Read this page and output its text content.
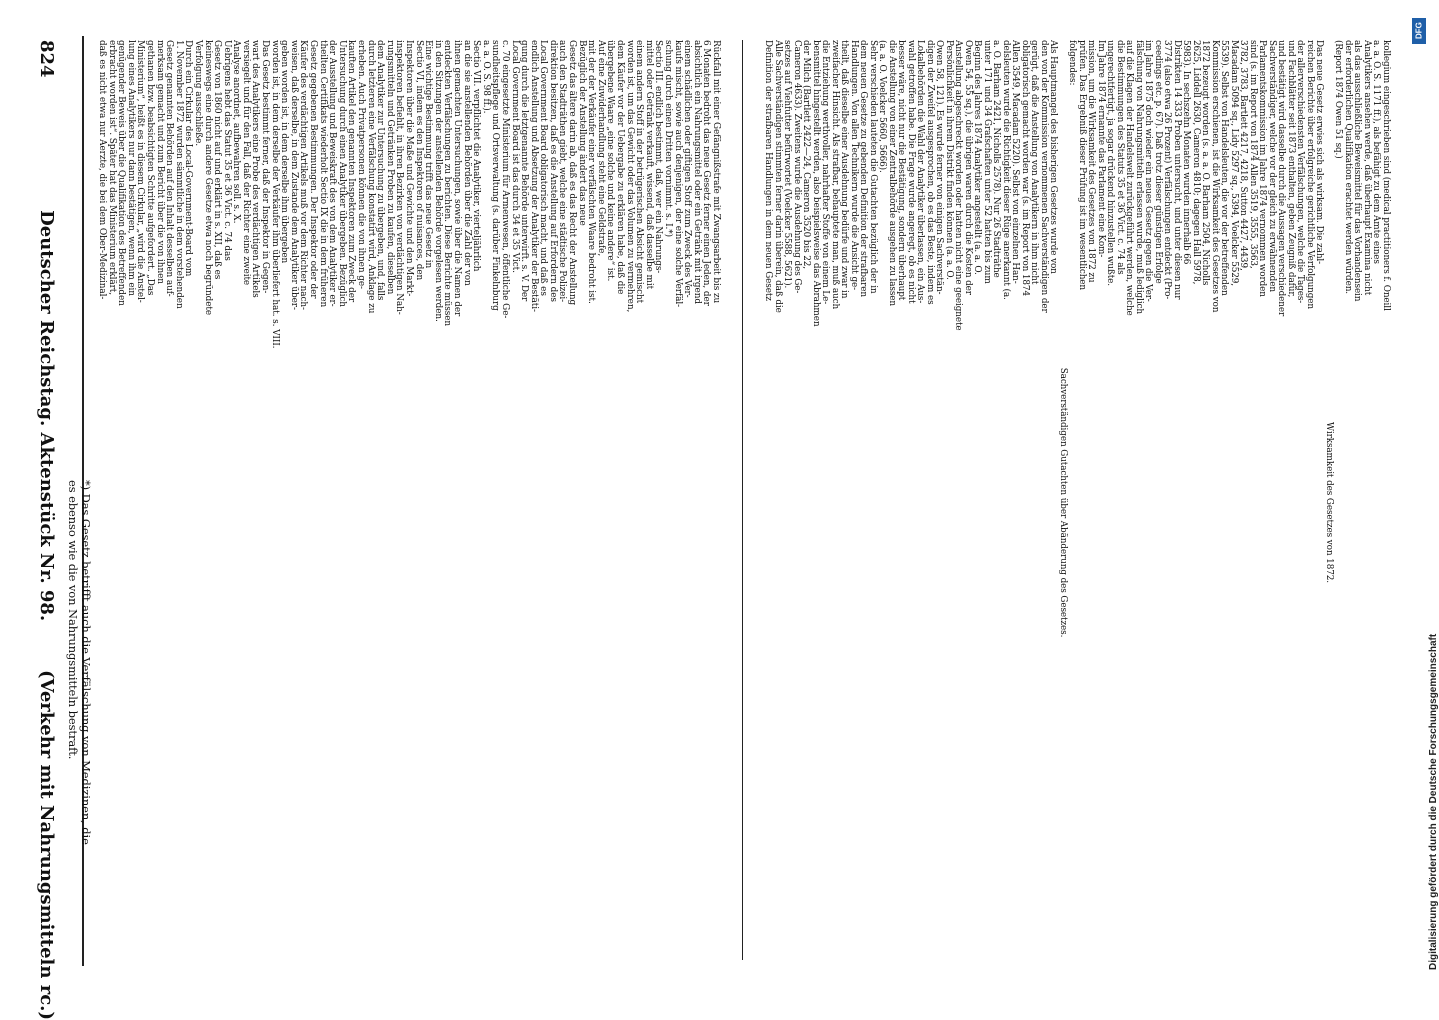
824  Deutscher Reichstag. Aktenstück Nr. 98.
(Verkehr mit Nahrungsmitteln rc.)
Rückfall mit einer Gefängnißstrafe mit Zwangsarbeit bis zu
6 Monaten bedroht das neue Gesetz ferner einen Jeden, der
absichtlich ein Nahrungsmittel oder ein Getränk mit irgend
einem schädlichen oder giftigen Stoff zum Zweck des Ver-
kaufs mischt, sowie auch denjenigen, der eine solche Verfäl-
schung durch einen Dritten vornimmt. s. I.*)
Sectio III. endlich bestimmt, daß, wer ein Nahrungs-
mittel oder Getränk verkauft, wissend, daß dasselbe mit
einem andern Stoff in der betrügerischen Absicht gemischt
worden ist, um das Gewicht oder das Volumen zu vermehren,
dem Käufer vor der Uebergabe zu erklären habe, daß die
übergebene Waare „eine solche und keine andere“ ist.
Auf eine Zuwiderhandlung steht eine Geldstrafe,
mit der der Verkäufer einer verfälschten Waare bedroht ist.
Bezüglich der Anstellung ändert das neue
Gesetz das ältere darin ab, daß es das Recht der Anstellung
auch den Stadträthen giebt, welche eine städtische Polizei-
direktion besitzen, daß es die Anstellung auf Erfordern des
Local Government Board obligatorisch macht, und daß es
endlich Anstellung und Absetzung der Analytiker der Bestäti-
gung durch die letztgenannte Behörde unterwirft. s. V. Der
Local Government Board ist das durch 34 et 35 Vict.
c. 70 eingesetzte Ministerium für Armenwesen, öffentliche Ge-
sundheitspflege und Ortsverwaltung (s. darüber Finkelnburg
a. a. O. S. 98 ff.).
Sectio VII. verpflichtet die Analytiker, vierteljährlich
an die sie anstellenden Behörden über die Zahl der von
ihnen gemachten Untersuchungen, sowie über die Namen der
entdeckten Verfälschungen zu berichten. Diese Berichte müssen
in den Sitzungen der anstellenden Behörde vorgelesen werden.
Eine wichtige Bestimmung trifft das neue Gesetz in
Sectio VI, indem es den Inspektoren of nuisances, den
Inspektoren über die Maße und Gewichte und den Markt-
inspektoren befiehlt, in ihren Bezirken von verdächtigen Nah-
rungsmitteln und Getränken Proben zu kaufen, dieselben
dem Analytiker zur Untersuchung zu übergeben, und, falls
durch letzteren eine Verfälschung konstatirt wird, Anklage zu
erheben. Auch Privatpersonen können die von ihnen ge-
kauften Artikel den genannten Inspektoren zum Zweck der
Untersuchung durch einen Analytiker übergeben. Bezüglich
der Ausstellung und Beweiskraft des von dem Analytiker er-
theilten Certifikats wiederholt Sectio IX die in dem früheren
Gesetz gegebenen Bestimmungen. Der Inspektor oder der
Käufer des verdächtigen Artikels muß vor dem Richter nach-
weisen, daß derselbe, in dem Zustande dem Analytiker über-
geben worden ist, in dem derselbe ihm übergeben
worden ist, in dem derselbe der Verkäufer ihm überliefert hat. s. VIII.
Das Gesetz bestimmt ferner, daß der Inspektor in Gegen-
wart des Analytikers eine Probe des verdächtigen Artikels
versiegelt und für den Fall, daß der Richter eine zweite
Analyse anordnet, aufbewahren soll. s. X.
Uebrigens hebt das Statut 35 et 36 Vict. c. 74 das
Gesetz von 1860 nicht auf und erklärt in s. XII, daß es
keineswegs eine durch andere Gesetze etwa noch begründete
Verfolgung ausschließe.
Durch ein Cirkular des Local-Government-Board vom
1. November 1872 wurden sämmtliche in dem vorstehenden
Gesetz genannten Behörden auf den Inhalt desselben auf-
merksam gemacht und zum Bericht über die von ihnen
gethanen bzw. beabsichtigten Schritte aufgefordert. „Das
Ministerium“, heißt es in diesem Cirkular, „wird die Anstel-
lung eines Analytikers nur dann bestätigen, wenn ihm ein
genügender Beweis über die Qualifikation des Betreffenden
erbracht worden ist“. Später hat das Ministerium erklärt,
daß es nicht etwa nur Aerzte, die bei dem Ober-Medizinal-	kollegium eingeschrieben sind (medical practitioners f. Oneill
a. a. O. S. 1171 ff.), als befähigt zu dem Amte eines
Analytikers ansehen werde, daß überhaupt Examina nicht
als das ausschließliche Beweismittel für das Vorhandensein
der erforderlichen Qualifikation erachtet werden würden.
(Report 1874 Owen 51 sq.)
Wirksamkeit des Gesetzes von 1872.
Das neue Gesetz erwies sich als wirksam. Die zahl-
reichen Berichte über erfolgreiche gerichtliche Verfolgungen
der allerverschiedensten Verfälschungen, welche die Tages-
und Fachblätter seit 1873 enthalten, geben Zeugniß dafür,
und bestätigt wird dasselbe durch die Aussagen verschiedener
Sachverständiger, welche vor der gleich zu erwähnenden
Parlamentskommission im Jahre 1874 vernommen worden
sind (s. im Report von 1874 Allen 3519, 3555, 3563,
3782, 3783, Bartlett 4217, 4218, Sutton 4427, 4439,
Macadam 5094 sq., Lidy 5297 sq., 5394, Voelcker 5529,
5539). Selbst von Handelsleuten, die vor der betreffenden
Kommission erschienen, ist die Wirksamkeit des Gesetzes von
1872 bezeugt worden (s. a. a. O. Barham 2504, Nicholls
2625, Liddell 2630, Cameron 4810; dagegen Hall 5978,
5983). In sechszehn Monaten wurden innerhalb 66
Distrikten 14 333 Proben untersucht, und unter diesen nur
3774 (also etwa 26 Prozent) Verfälschungen entdeckt (Pro-
ceedings etc. p. 67). Daß trotz dieser günstigen Erfolge
im Jahre 1875 doch wieder ein neues Gesetz gegen die Ver-
fälschung von Nahrungsmitteln erlassen wurde, muß lediglich
auf die Klagen der Handelswelt zurückgeführt werden, welche
die Bestimmungen des Statuts 35 et 36 Vict. c. 74 als
ungerechtfertigt, ja sogar drückend hinzustellen wußte.
Im Jahre 1874 ernannte das Parlament eine Kom-
mission, um die Wirksamkeit des Gesetzes von 1872 zu
prüfen. Das Ergebniß dieser Prüfung ist im wesentlichen
folgendes:
Sachverständigen Gutachten über Abänderung des Gesetzes.
Als Hauptmangel des bisherigen Gesetzes wurde von
den von der Kommission vernommenen Sachverständigen der
gerügt, daß die Anstellung von Analytikern in ihm nicht
obligatorisch gemacht worden war (s. im Report von 1874
Allen 3549, Macadam 5220). Selbst von einzelnen Han-
delsleuten wurde die Richtigkeit dieser Rüge anerkannt (a.
a. O. Barham 2421, Nicholls 2578). Nur 26 Stadträthe
unter 171 und 34 Grafschaften unter 52 hatten bis zum
Beginn des Jahres 1874 Analytiker angestellt (a. a. O.
Owen 54, 55 sq.), die übrigen waren durch die Kosten der
Anstellung abgeschreckt worden oder hatten nicht eine geeignete
Persönlichkeit in ihrem Distrikt finden können (a. a. O.
Owen 58, 121). Es wurde ferner von einigen Sachverstän-
digen der Zweifel ausgesprochen, ob es das Beste, indem es
Lokalbehörden die Wahl der Analytiker überlassen, ein Aus-
wahl getroffen habe. Die Frage wurde angeregt, ob es nicht
besser wäre, nicht nur die Bestätigung, sondern überhaupt
die Anstellung von einer Zentralbehörde ausgehen zu lassen
(a. a. O. Voelcker 5660, 5666).
Sehr verschieden lauteten die Gutachten bezüglich der in
dem neuen Gesetze zu gebenden Definition der strafbaren
Handlungen. Von allen Technikern wurde die Ansicht ge-
theilt, daß dieselbe einer Ausdehnung bedürfe und zwar in
zweifacher Hinsicht. Als strafbar, behauptete man, muß auch
die Entziehung werthvoller, nahrhafter Stoffe von einem Le-
bensmittel hingestellt werden, also beispielsweise das Abrahmen
der Milch (Bartlett 2422—24, Cameron 3520 bis 22,
Cameron 4633). Zweitens wurde die Ausdehnung des Ge-
setzes auf Viehfutter befürwortet (Voelcker 5588, 5621).
Alle Sachverständigen stimmten ferner darin überein, daß die
Definition der strafbaren Handlungen in dem neuen Gesetz
*) Das Gesetz betrifft auch die Verfälschung von Medizinen, die
es ebenso wie die von Nahrungsmitteln bestraft.
DFG
Digitalisierung gefördert durch die Deutsche Forschungsgemeinschaft
